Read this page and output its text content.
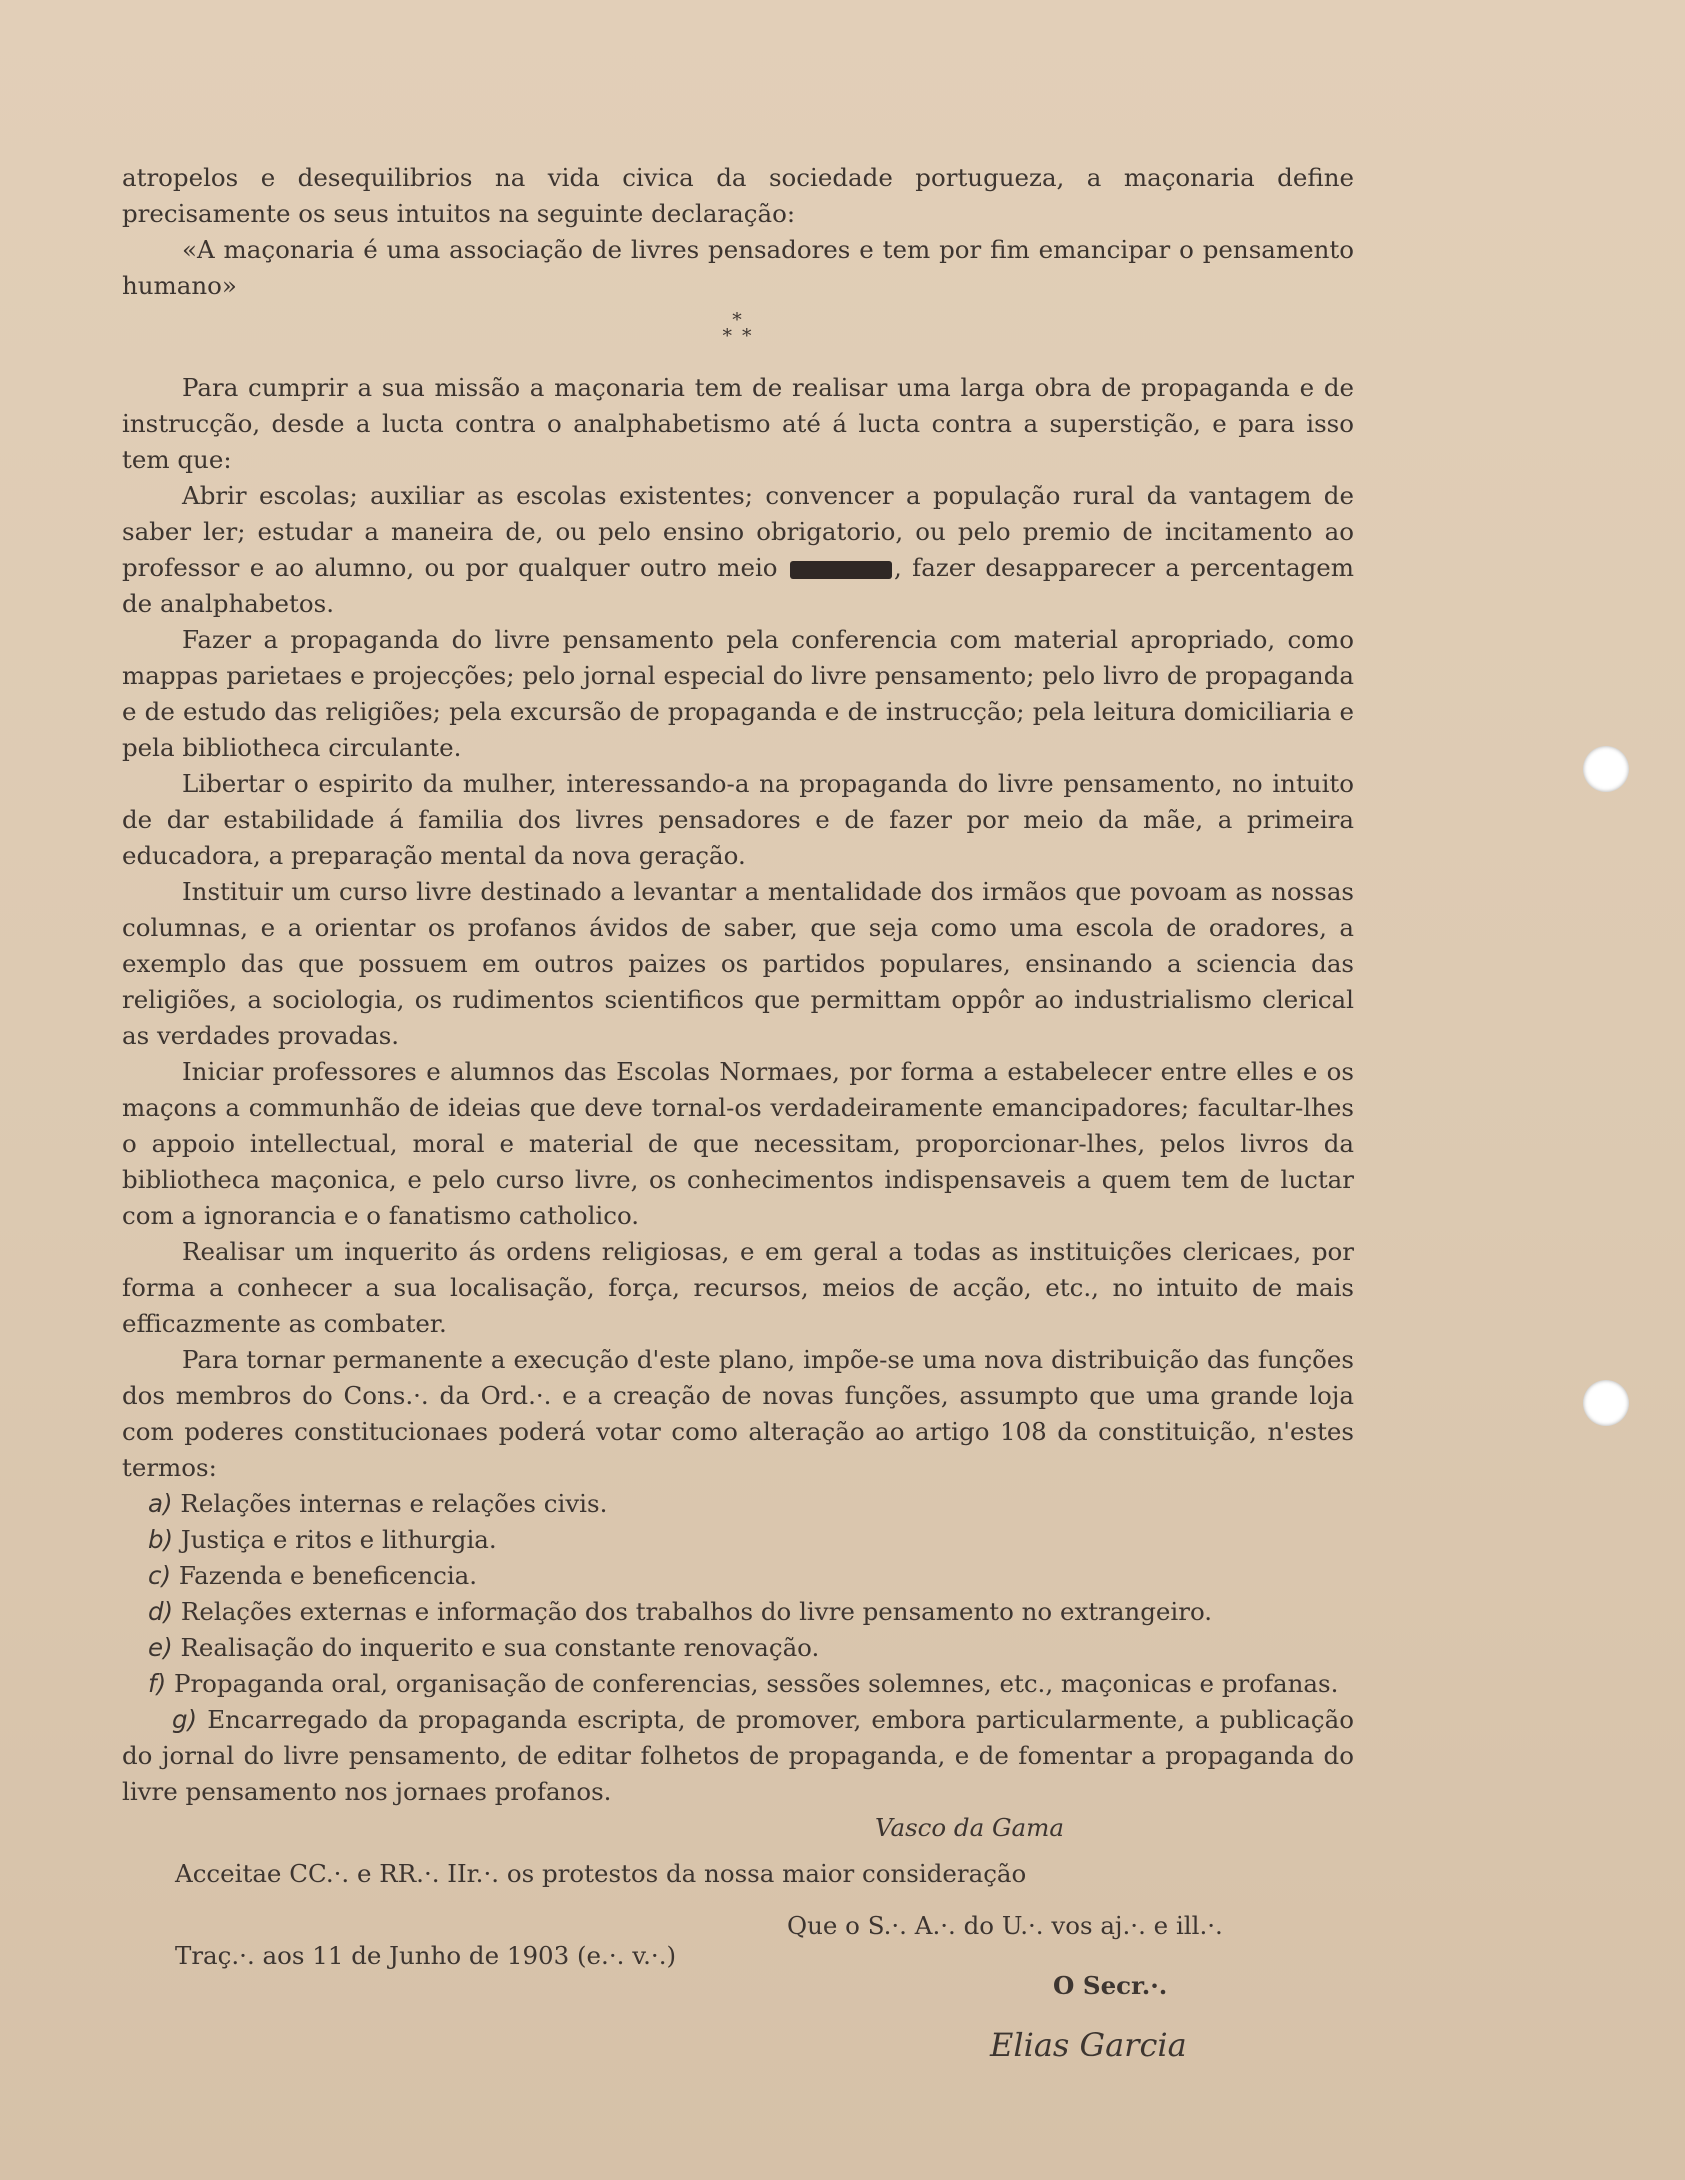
atropelos e desequilibrios na vida civica da sociedade portugueza, a maçonaria define precisamente os seus intuitos na seguinte declaração:

«A maçonaria é uma associação de livres pensadores e tem por fim emancipar o pensamento humano»

*
* *

Para cumprir a sua missão a maçonaria tem de realisar uma larga obra de propaganda e de instrucção, desde a lucta contra o analphabetismo até á lucta contra a superstição, e para isso tem que:

Abrir escolas; auxiliar as escolas existentes; convencer a população rural da vantagem de saber ler; estudar a maneira de, ou pelo ensino obrigatorio, ou pelo premio de incitamento ao professor e ao alumno, ou por qualquer outro meio	, fazer desapparecer a percentagem de analphabetos.

Fazer a propaganda do livre pensamento pela conferencia com material apropriado, como mappas parietaes e projecções; pelo jornal especial do livre pensamento; pelo livro de propaganda e de estudo das religiões; pela excursão de propaganda e de instrucção; pela leitura domiciliaria e pela bibliotheca circulante.

Libertar o espirito da mulher, interessando-a na propaganda do livre pensamento, no intuito de dar estabilidade á familia dos livres pensadores e de fazer por meio da mãe, a primeira educadora, a preparação mental da nova geração.

Instituir um curso livre destinado a levantar a mentalidade dos irmãos que povoam as nossas columnas, e a orientar os profanos ávidos de saber, que seja como uma escola de oradores, a exemplo das que possuem em outros paizes os partidos populares, ensinando a sciencia das religiões, a sociologia, os rudimentos scientificos que permittam oppôr ao industrialismo clerical as verdades provadas.

Iniciar professores e alumnos das Escolas Normaes, por forma a estabelecer entre elles e os maçons a communhão de ideias que deve tornal-os verdadeiramente emancipadores; facultar-lhes o appoio intellectual, moral e material de que necessitam, proporcionar-lhes, pelos livros da bibliotheca maçonica, e pelo curso livre, os conhecimentos indispensaveis a quem tem de luctar com a ignorancia e o fanatismo catholico.

Realisar um inquerito ás ordens religiosas, e em geral a todas as instituições clericaes, por forma a conhecer a sua localisação, força, recursos, meios de acção, etc., no intuito de mais efficazmente as combater.

Para tornar permanente a execução d'este plano, impõe-se uma nova distribuição das funções dos membros do Cons.·. da Ord.·. e a creação de novas funções, assumpto que uma grande loja com poderes constitucionaes poderá votar como alteração ao artigo 108 da constituição, n'estes termos:

a) Relações internas e relações civis.

b) Justiça e ritos e lithurgia.

c) Fazenda e beneficencia.

d) Relações externas e informação dos trabalhos do livre pensamento no extrangeiro.

e) Realisação do inquerito e sua constante renovação.

f) Propaganda oral, organisação de conferencias, sessões solemnes, etc., maçonicas e profanas.

g) Encarregado da propaganda escripta, de promover, embora particularmente, a publicação do jornal do livre pensamento, de editar folhetos de propaganda, e de fomentar a propaganda do livre pensamento nos jornaes profanos.

Vasco da Gama

Acceitae CC.·. e RR.·. IIr.·. os protestos da nossa maior consideração
Que o S.·. A.·. do U.·. vos aj.·. e ill.·.
Traç.·. aos 11 de Junho de 1903 (e.·. v.·.)
O Secr.·.
Elias Garcia
